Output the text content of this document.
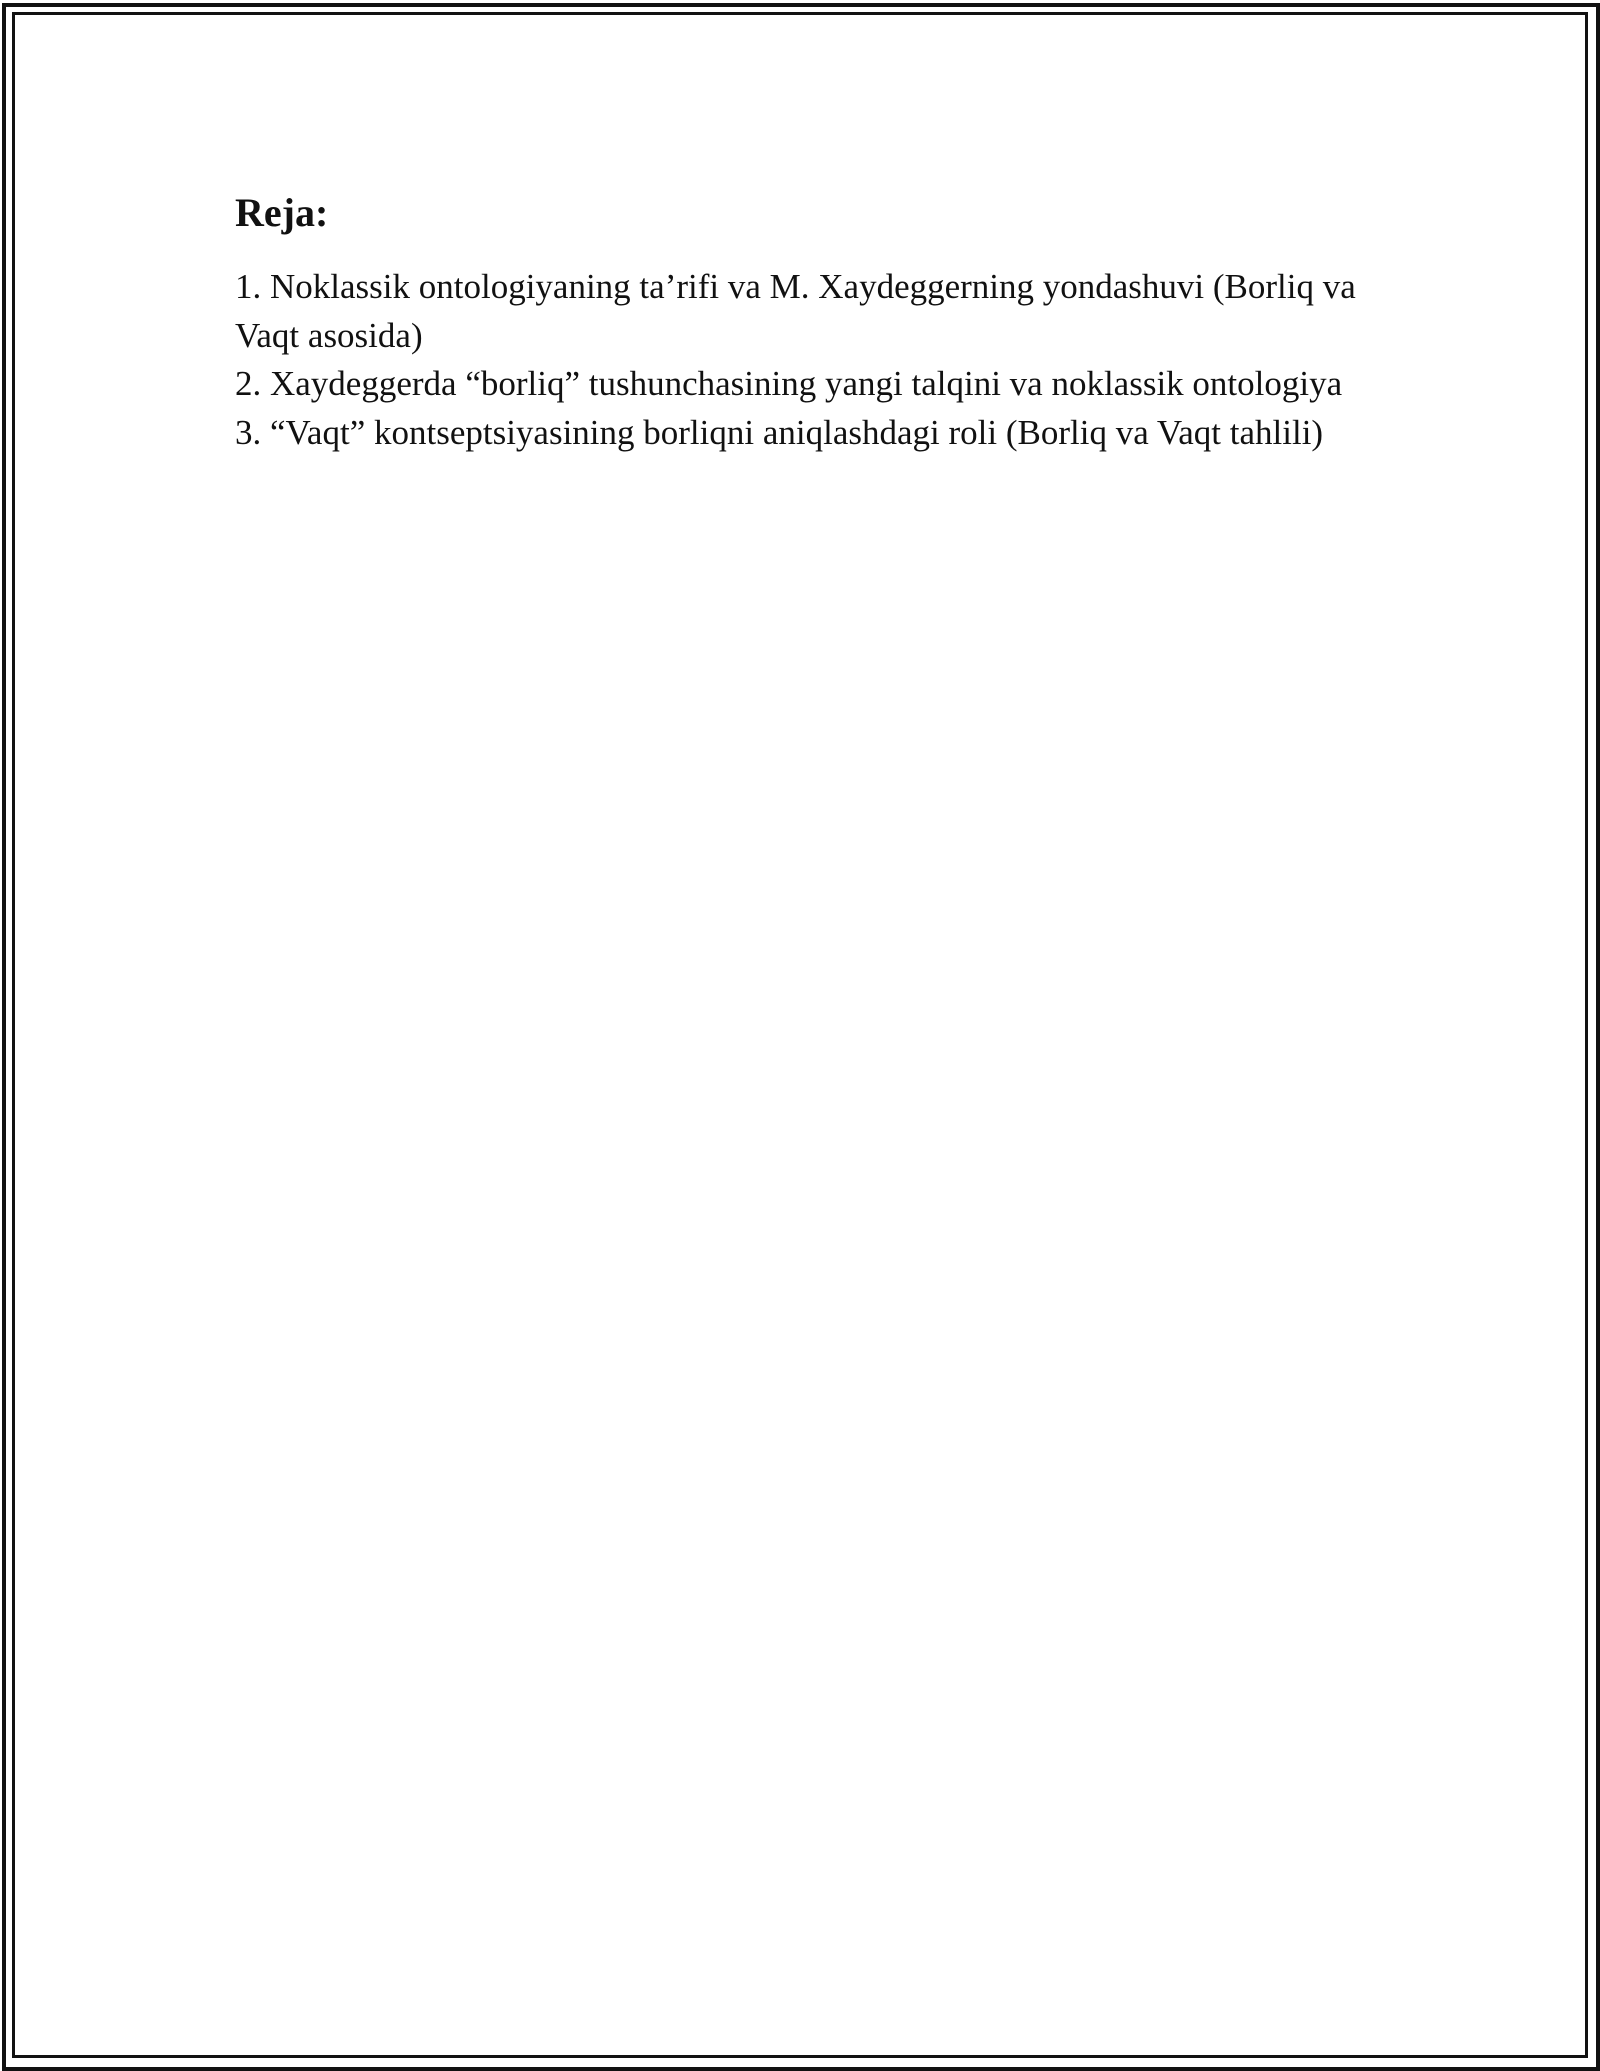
Reja:
1. Noklassik ontologiyaning ta’rifi va M. Xaydeggerning yondashuvi (Borliq va Vaqt asosida)
2. Xaydeggerda “borliq” tushunchasining yangi talqini va noklassik ontologiya
3. “Vaqt” kontseptsiyasining borliqni aniqlashdagi roli (Borliq va Vaqt tahlili)
